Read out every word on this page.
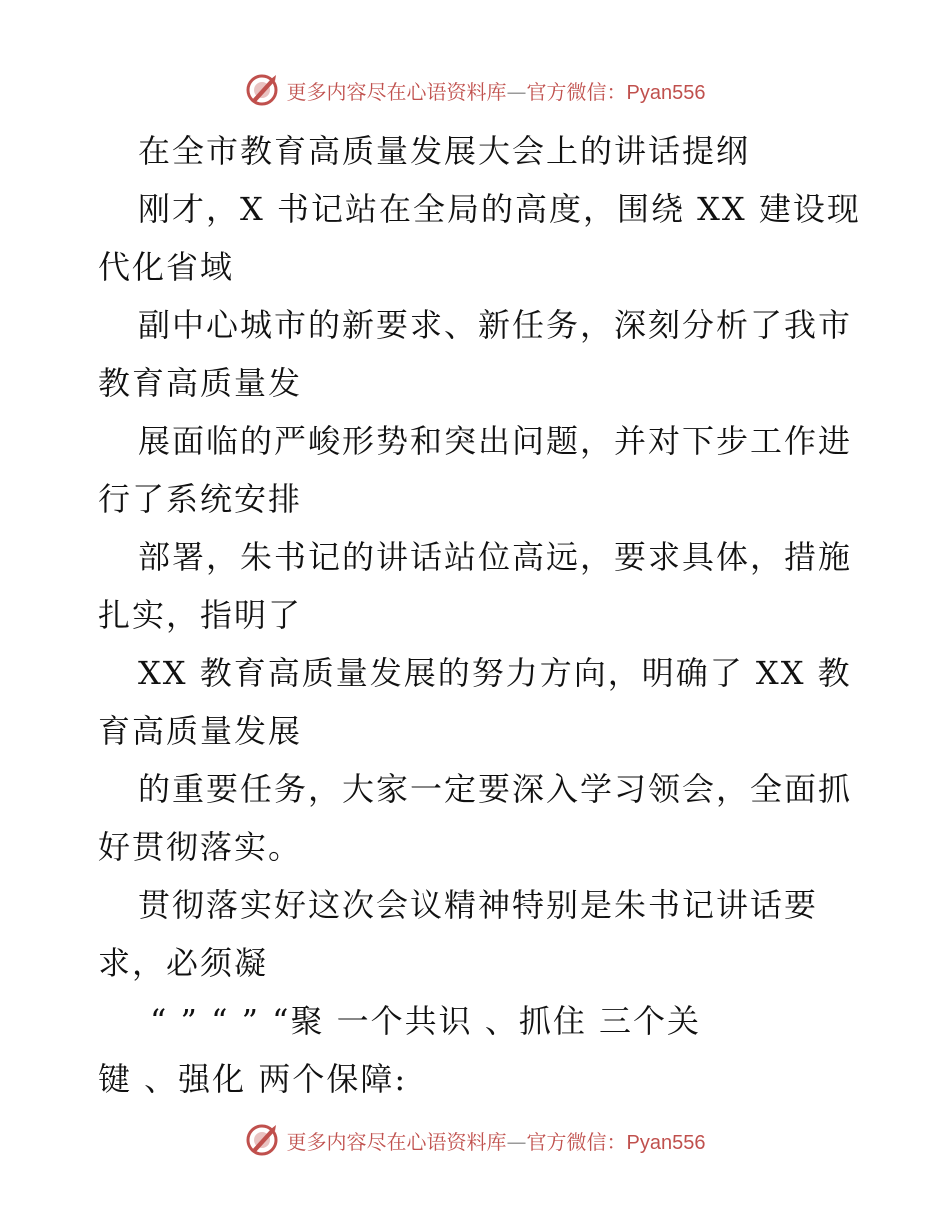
更多内容尽在心语资料库—官方微信：Pyan556
在全市教育高质量发展大会上的讲话提纲
刚才，X 书记站在全局的高度，围绕 XX 建设现
代化省域
副中心城市的新要求、新任务，深刻分析了我市
教育高质量发
展面临的严峻形势和突出问题，并对下步工作进
行了系统安排
部署，朱书记的讲话站位高远，要求具体，措施
扎实，指明了
XX 教育高质量发展的努力方向，明确了 XX 教
育高质量发展
的重要任务，大家一定要深入学习领会，全面抓
好贯彻落实。
贯彻落实好这次会议精神特别是朱书记讲话要
求，必须凝
“ ” “ ” “聚 一个共识 、抓住 三个关
键 、强化 两个保障:
更多内容尽在心语资料库—官方微信：Pyan556
